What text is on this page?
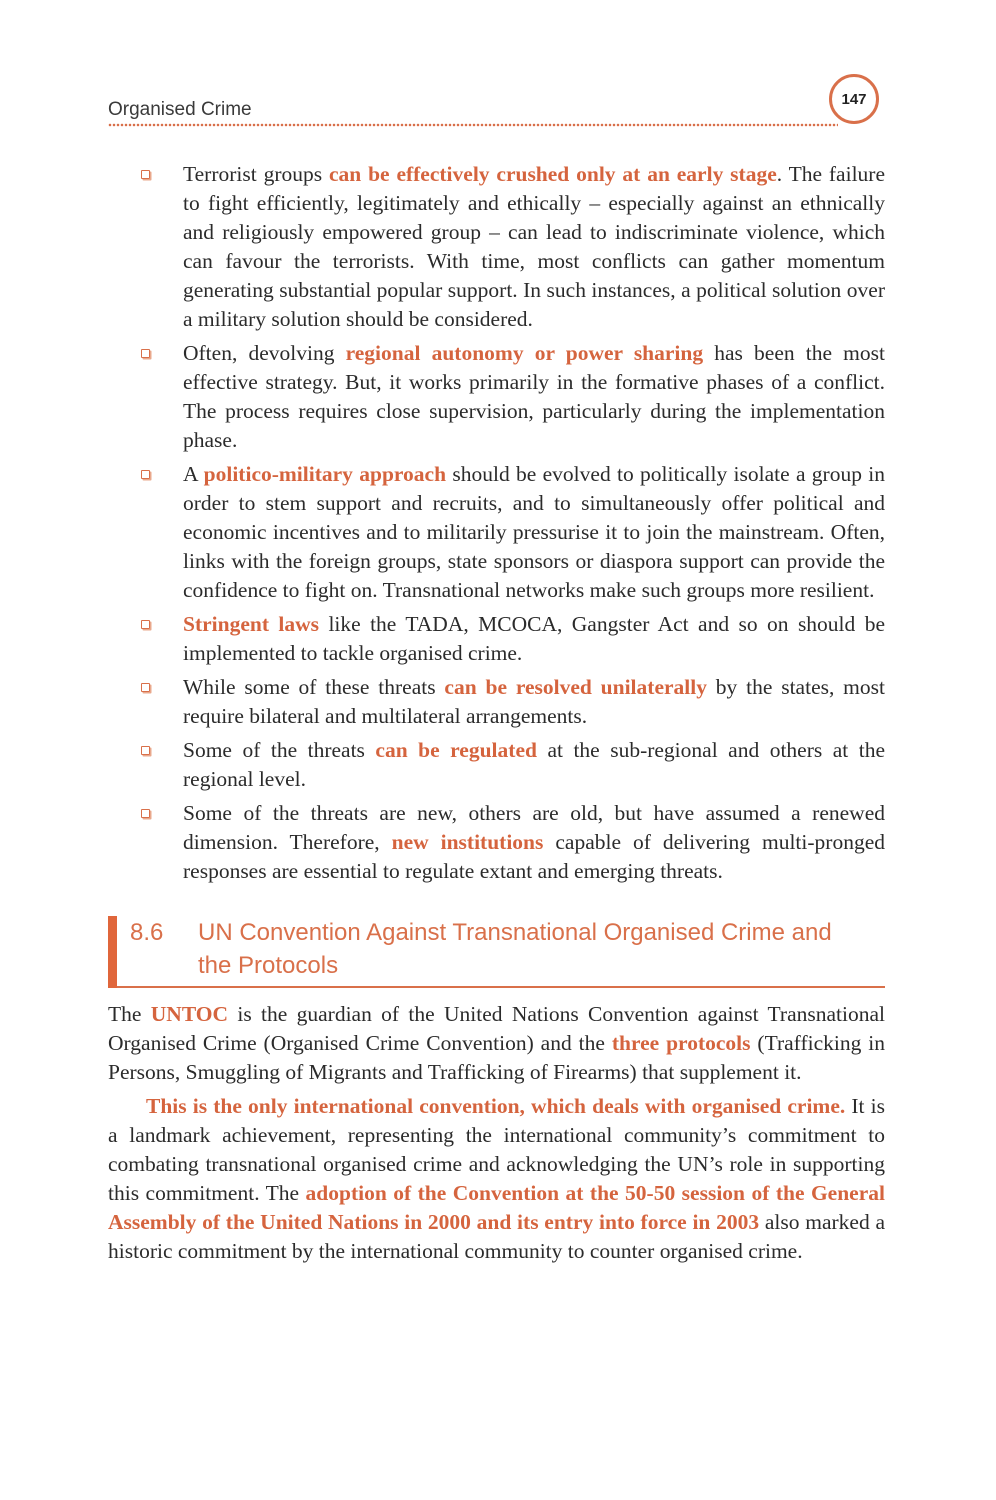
Organised Crime	147
Terrorist groups can be effectively crushed only at an early stage. The failure to fight efficiently, legitimately and ethically – especially against an ethnically and religiously empowered group – can lead to indiscriminate violence, which can favour the terrorists. With time, most conflicts can gather momentum generating substantial popular support. In such instances, a political solution over a military solution should be considered.
Often, devolving regional autonomy or power sharing has been the most effective strategy. But, it works primarily in the formative phases of a conflict. The process requires close supervision, particularly during the implementation phase.
A politico-military approach should be evolved to politically isolate a group in order to stem support and recruits, and to simultaneously offer political and economic incentives and to militarily pressurise it to join the mainstream. Often, links with the foreign groups, state sponsors or diaspora support can provide the confidence to fight on. Transnational networks make such groups more resilient.
Stringent laws like the TADA, MCOCA, Gangster Act and so on should be implemented to tackle organised crime.
While some of these threats can be resolved unilaterally by the states, most require bilateral and multilateral arrangements.
Some of the threats can be regulated at the sub-regional and others at the regional level.
Some of the threats are new, others are old, but have assumed a renewed dimension. Therefore, new institutions capable of delivering multi-pronged responses are essential to regulate extant and emerging threats.
8.6 UN Convention Against Transnational Organised Crime and the Protocols

The UNTOC is the guardian of the United Nations Convention against Transnational Organised Crime (Organised Crime Convention) and the three protocols (Trafficking in Persons, Smuggling of Migrants and Trafficking of Firearms) that supplement it.

This is the only international convention, which deals with organised crime. It is a landmark achievement, representing the international community’s commitment to combating transnational organised crime and acknowledging the UN’s role in supporting this commitment. The adoption of the Convention at the 50-50 session of the General Assembly of the United Nations in 2000 and its entry into force in 2003 also marked a historic commitment by the international community to counter organised crime.
